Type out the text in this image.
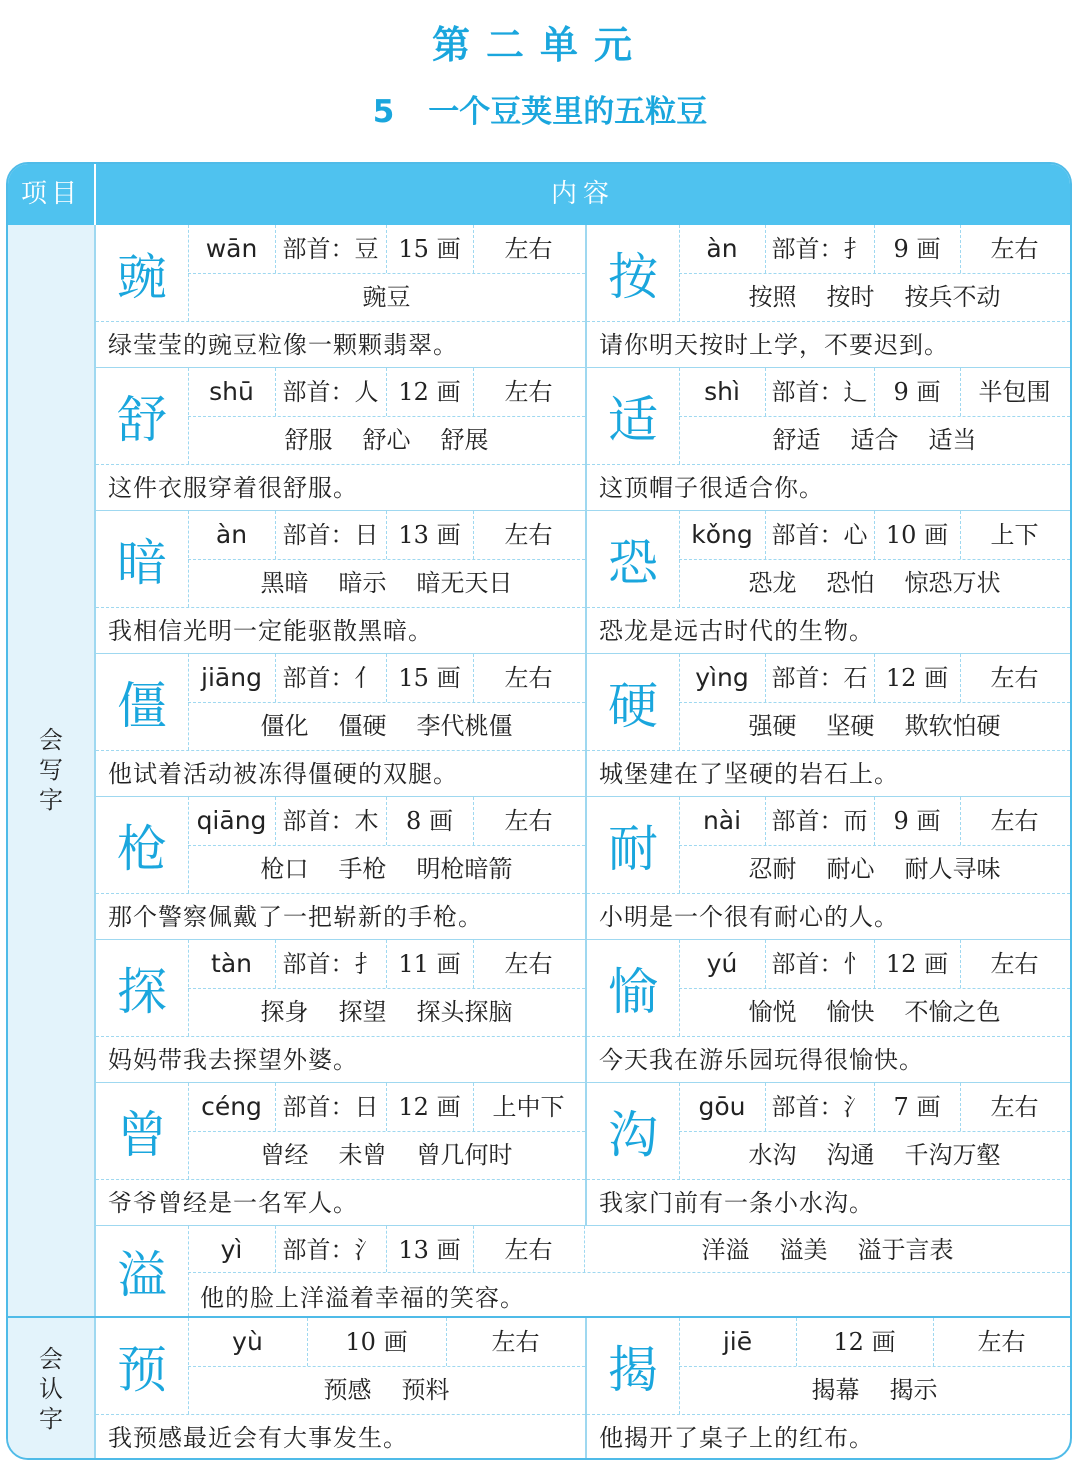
第二单元
5 一个豆荚里的五粒豆
项目	内容
会
写
字
会
认
字
豌	wān	部首：豆 15 画	左右
豌豆
绿莹莹的豌豆粒像一颗颗翡翠。
按	àn	部首：扌	9 画	左右
按照 按时 按兵不动
请你明天按时上学，不要迟到。
舒	shū	部首：人 12 画	左右
舒服 舒心 舒展
这件衣服穿着很舒服。
适	shì	部首：辶	9 画	半包围
舒适 适合 适当
这顶帽子很适合你。
暗	àn	部首：日 13 画	左右
黑暗 暗示 暗无天日
我相信光明一定能驱散黑暗。
恐	kǒng 部首：心 10 画	上下
恐龙 恐怕 惊恐万状
恐龙是远古时代的生物。
僵	jiāng 部首：亻 15 画	左右
僵化 僵硬 李代桃僵
他试着活动被冻得僵硬的双腿。
硬	yìng 部首：石 12 画	左右
强硬 坚硬 欺软怕硬
城堡建在了坚硬的岩石上。
枪	qiāng 部首：木	8 画	左右
枪口 手枪 明枪暗箭
那个警察佩戴了一把崭新的手枪。
耐	nài	部首：而	9 画	左右
忍耐 耐心 耐人寻味
小明是一个很有耐心的人。
探	tàn	部首：扌 11 画	左右
探身 探望 探头探脑
妈妈带我去探望外婆。
愉	yú	部首：忄 12 画	左右
愉悦 愉快 不愉之色
今天我在游乐园玩得很愉快。
曾	céng 部首：日 12 画	上中下
曾经 未曾 曾几何时
爷爷曾经是一名军人。
沟	gōu	部首：氵	7 画	左右
水沟 沟通 千沟万壑
我家门前有一条小水沟。
溢	yì	部首：氵 13 画	左右	洋溢 溢美 溢于言表
他的脸上洋溢着幸福的笑容。
预	yù	10 画	左右
预感 预料
我预感最近会有大事发生。
揭	jiē	12 画	左右
揭幕 揭示
他揭开了桌子上的红布。
